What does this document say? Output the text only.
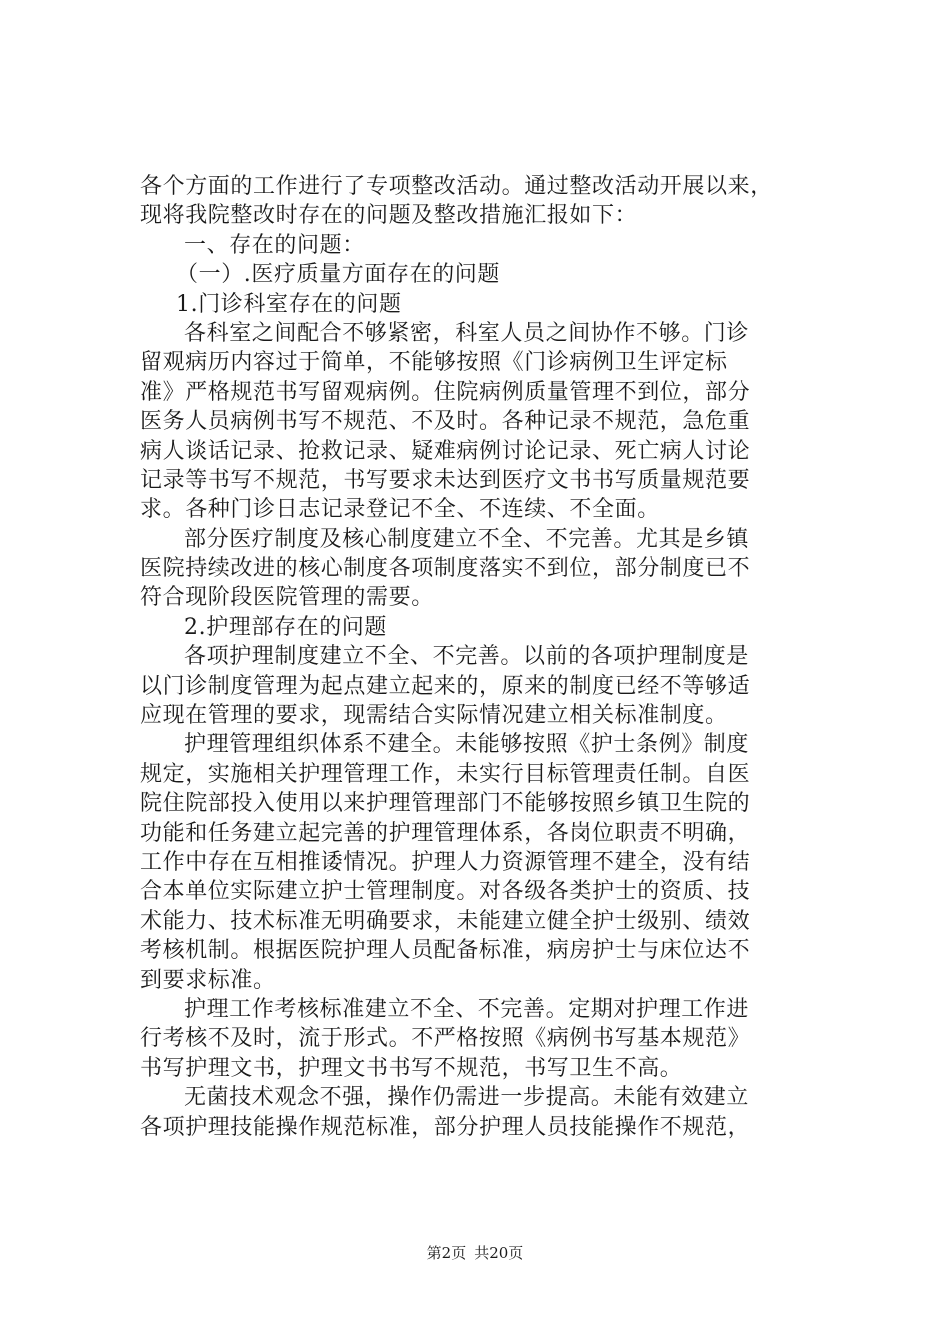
各个方面的工作进行了专项整改活动。通过整改活动开展以来，
现将我院整改时存在的问题及整改措施汇报如下：
一、存在的问题：
（一）.医疗质量方面存在的问题
1.门诊科室存在的问题
各科室之间配合不够紧密，科室人员之间协作不够。门诊
留观病历内容过于简单，不能够按照《门诊病例卫生评定标
准》严格规范书写留观病例。住院病例质量管理不到位，部分
医务人员病例书写不规范、不及时。各种记录不规范，急危重
病人谈话记录、抢救记录、疑难病例讨论记录、死亡病人讨论
记录等书写不规范，书写要求未达到医疗文书书写质量规范要
求。各种门诊日志记录登记不全、不连续、不全面。
部分医疗制度及核心制度建立不全、不完善。尤其是乡镇
医院持续改进的核心制度各项制度落实不到位，部分制度已不
符合现阶段医院管理的需要。
2.护理部存在的问题
各项护理制度建立不全、不完善。以前的各项护理制度是
以门诊制度管理为起点建立起来的，原来的制度已经不等够适
应现在管理的要求，现需结合实际情况建立相关标准制度。
护理管理组织体系不建全。未能够按照《护士条例》制度
规定，实施相关护理管理工作，未实行目标管理责任制。自医
院住院部投入使用以来护理管理部门不能够按照乡镇卫生院的
功能和任务建立起完善的护理管理体系，各岗位职责不明确，
工作中存在互相推诿情况。护理人力资源管理不建全，没有结
合本单位实际建立护士管理制度。对各级各类护士的资质、技
术能力、技术标准无明确要求，未能建立健全护士级别、绩效
考核机制。根据医院护理人员配备标准，病房护士与床位达不
到要求标准。
护理工作考核标准建立不全、不完善。定期对护理工作进
行考核不及时，流于形式。不严格按照《病例书写基本规范》
书写护理文书，护理文书书写不规范，书写卫生不高。
无菌技术观念不强，操作仍需进一步提高。未能有效建立
各项护理技能操作规范标准，部分护理人员技能操作不规范，
第2页 共20页
